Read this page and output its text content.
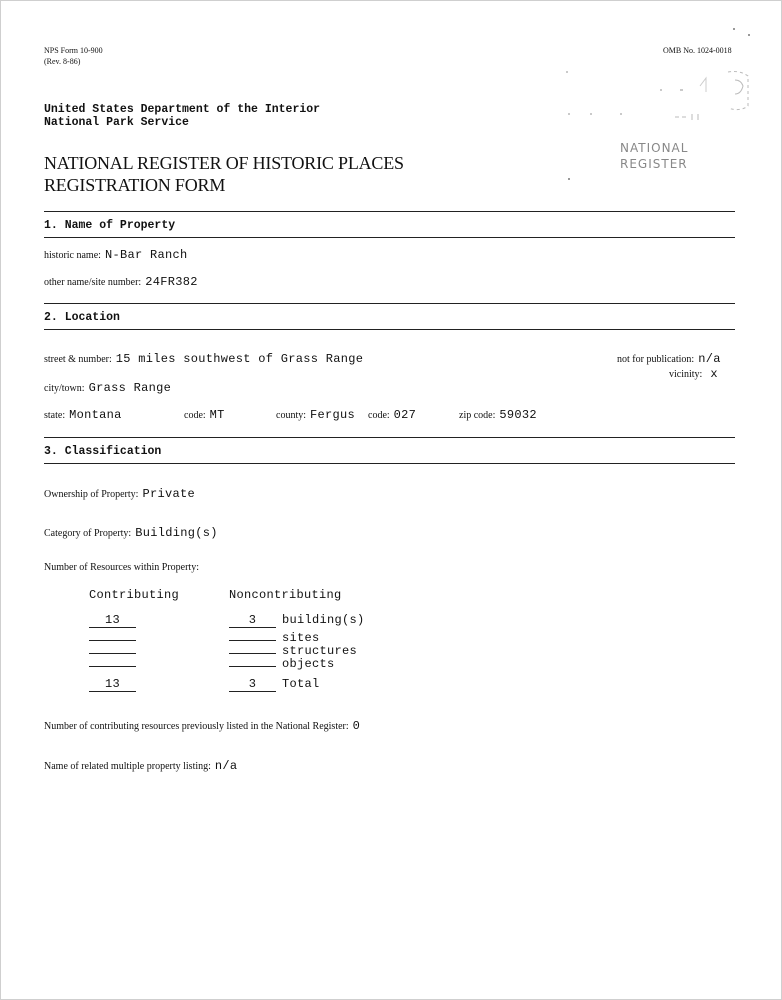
NPS Form 10-900
(Rev. 8-86)
OMB No. 1024-0018
United States Department of the Interior
National Park Service
NATIONAL REGISTER OF HISTORIC PLACES
REGISTRATION FORM
NATIONAL
REGISTER
1. Name of Property
historic name: N-Bar Ranch
other name/site number: 24FR382
2. Location
street & number: 15 miles southwest of Grass Range	not for publication: n/a
vicinity: x
city/town: Grass Range
state: Montana	code: MT	county: Fergus code: 027	zip code: 59032
3. Classification
Ownership of Property: Private
Category of Property: Building(s)
Number of Resources within Property:
Contributing	Noncontributing
13	3 building(s)
sites
structures
objects
13	3 Total
Number of contributing resources previously listed in the National Register: 0
Name of related multiple property listing: n/a
